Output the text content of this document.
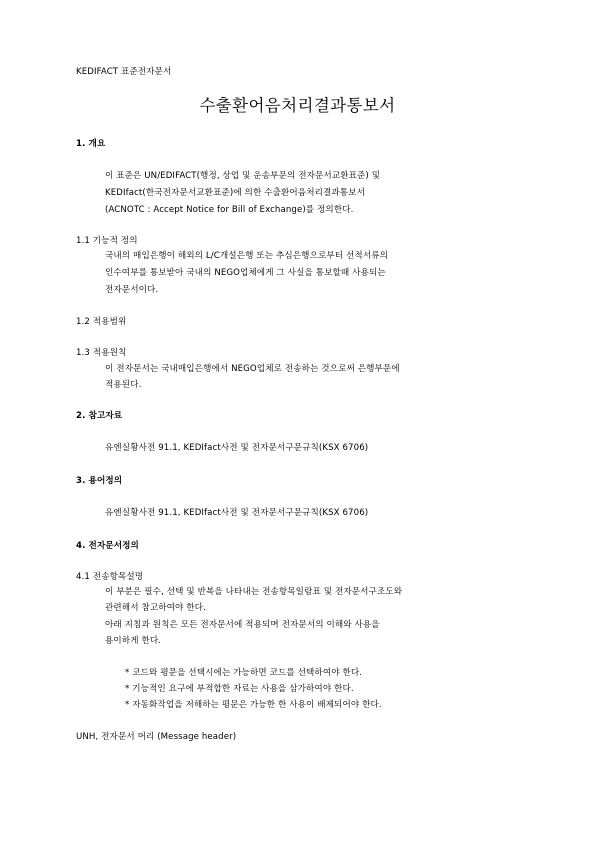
KEDIFACT 표준전자문서
수출환어음처리결과통보서
1. 개요
이 표준은 UN/EDIFACT(행정, 상업 및 운송부문의 전자문서교환표준) 및
KEDIfact(한국전자문서교환표준)에 의한 수출환어음처리결과통보서
(ACNOTC : Accept Notice for Bill of Exchange)를 정의한다.
1.1 기능적 정의
국내의 매입은행이 해외의 L/C개설은행 또는 추심은행으로부터 선적서류의
인수여부를 통보받아 국내의 NEGO업체에게 그 사실을 통보할때 사용되는
전자문서이다.
1.2 적용범위
1.3 적용원칙
이 전자문서는 국내매입은행에서 NEGO업체로 전송하는 것으로써 은행부문에
적용된다.
2. 참고자료
유엔실황사전 91.1, KEDIfact사전 및 전자문서구문규칙(KSX 6706)
3. 용어정의
유엔실황사전 91.1, KEDIfact사전 및 전자문서구문규칙(KSX 6706)
4. 전자문서정의
4.1 전송항목설명
이 부분은 필수, 선택 및 반복을 나타내는 전송항목일람표 및 전자문서구조도와
관련해서 참고하여야 한다.
아래 지침과 원칙은 모든 전자문서에 적용되며 전자문서의 이해와 사용을
용이하게 한다.
* 코드와 평문을 선택시에는 가능하면 코드를 선택하여야 한다.
* 기능적인 요구에 부적합한 자료는 사용을 삼가하여야 한다.
* 자동화작업을 저해하는 평문은 가능한 한 사용이 배제되어야 한다.
UNH, 전자문서 머리 (Message header)
